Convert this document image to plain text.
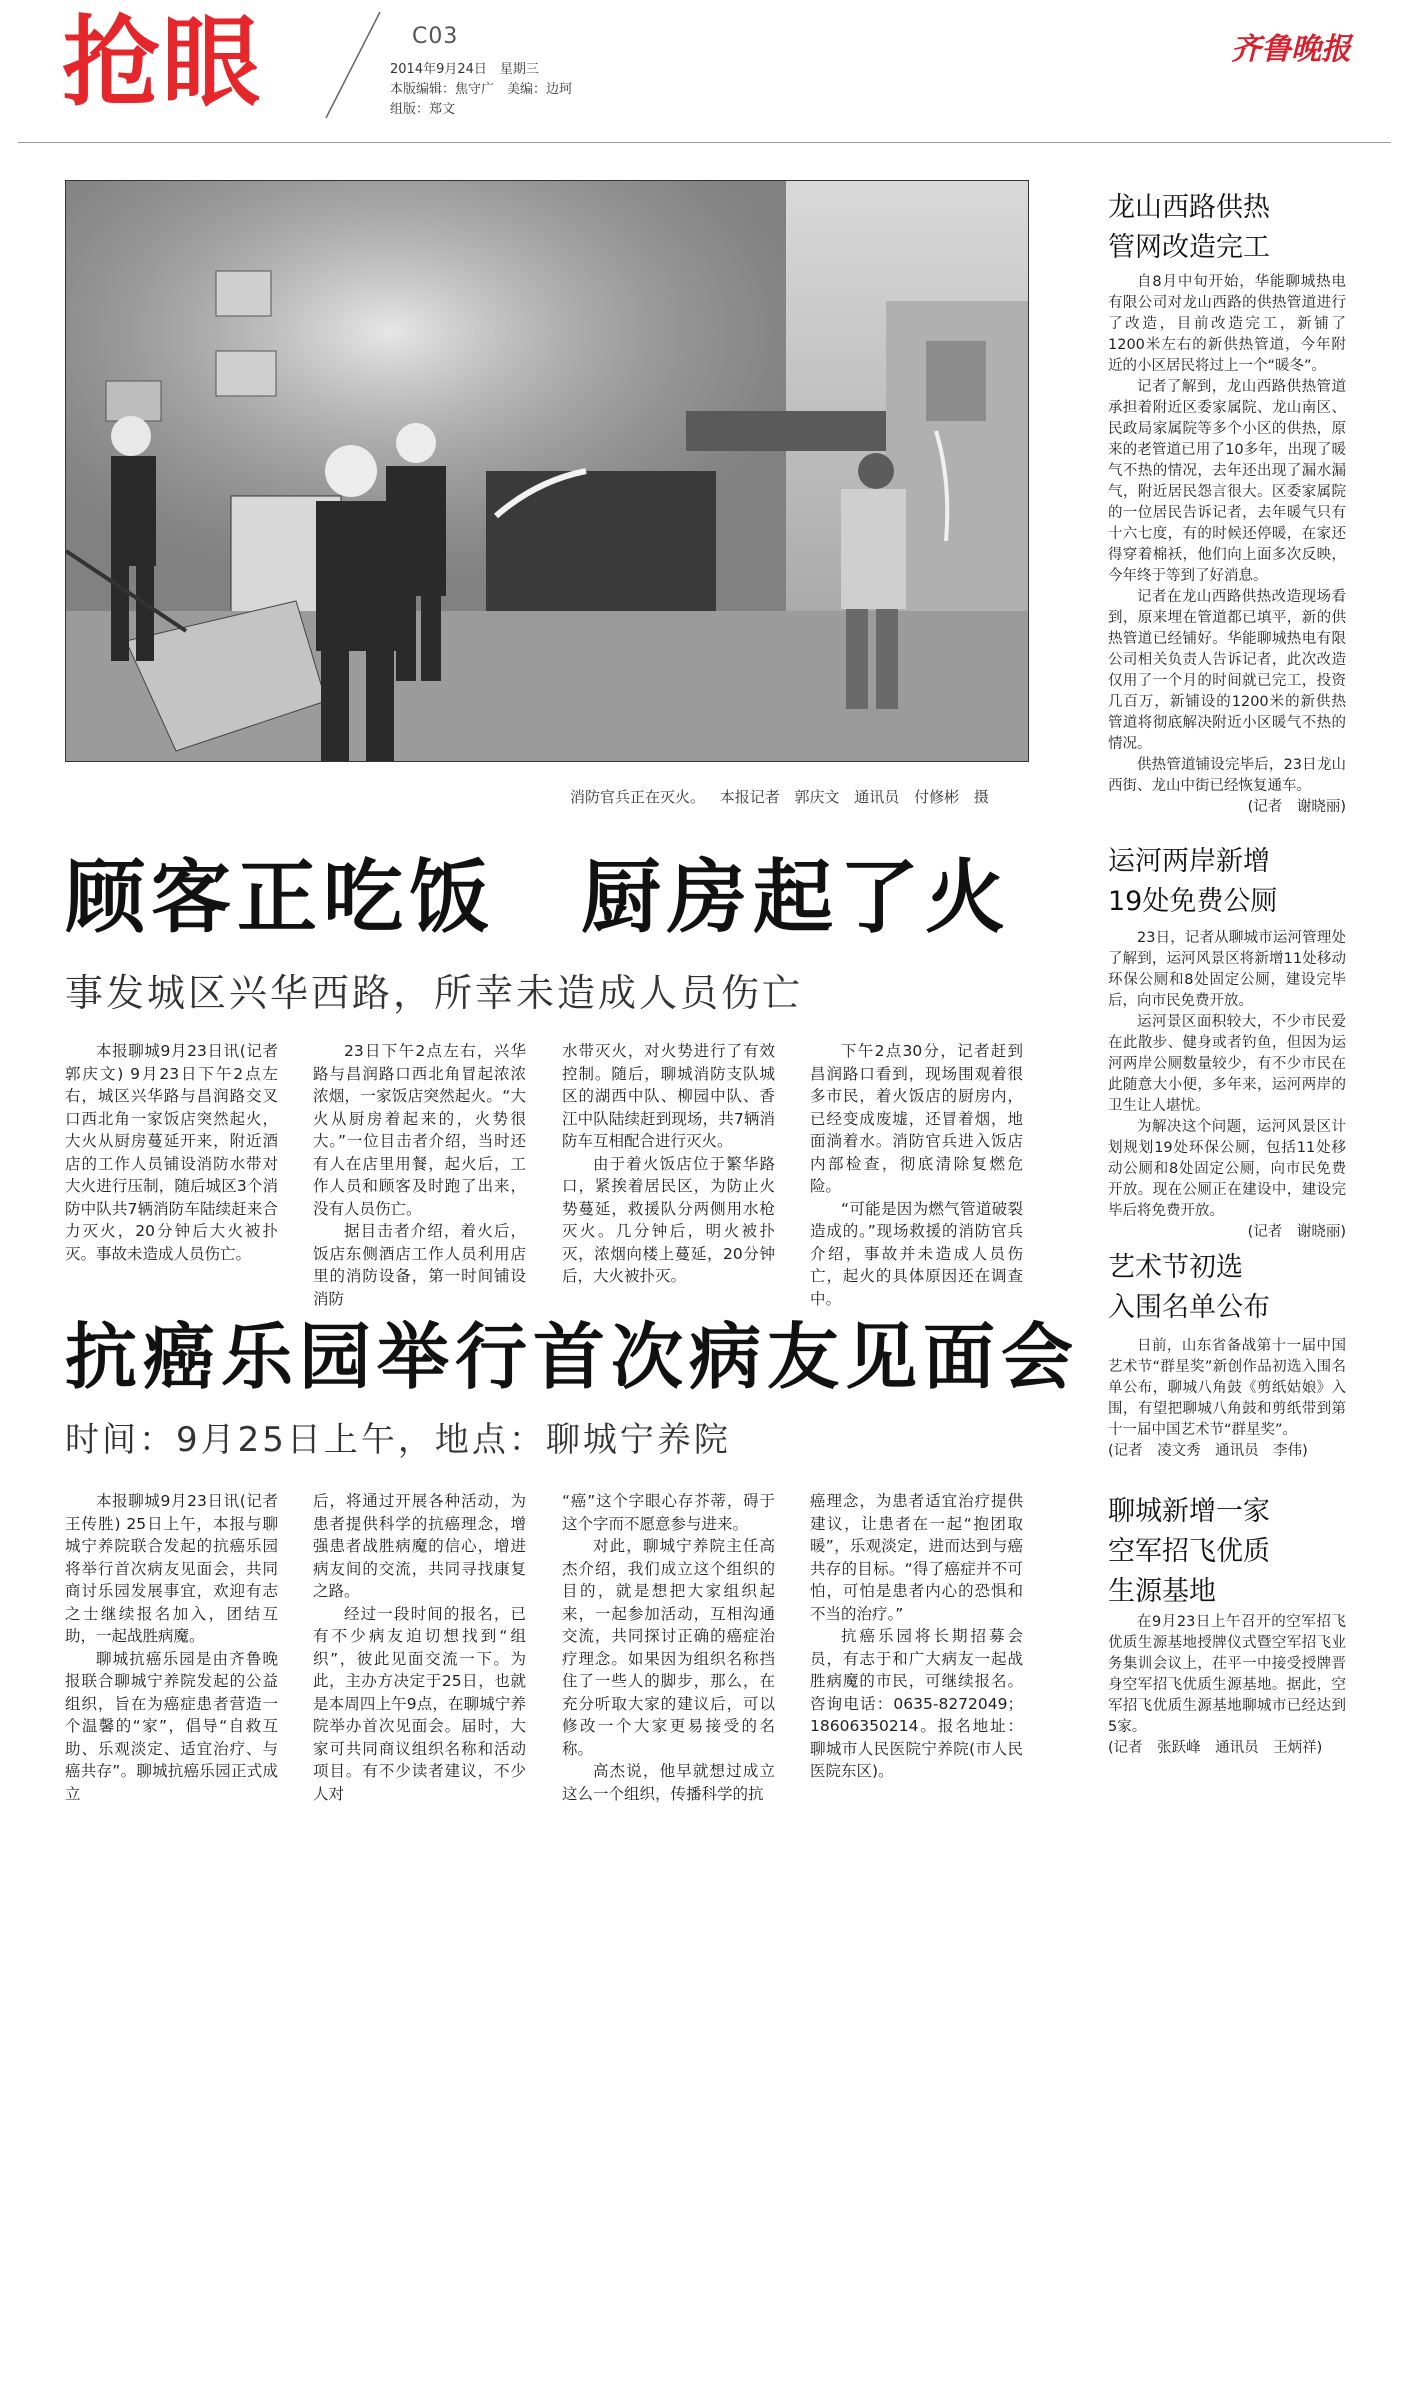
抢眼	C03
2014年9月24日　星期三
本版编辑：焦守广　美编：边珂
组版：郑文
齐鲁晚报
消防官兵正在灭火。 本报记者 郭庆文 通讯员 付修彬 摄
顾客正吃饭　厨房起了火
事发城区兴华西路，所幸未造成人员伤亡

本报聊城9月23日讯(记者 郭庆文) 9月23日下午2点左右，城区兴华路与昌润路交叉口西北角一家饭店突然起火，大火从厨房蔓延开来，附近酒店的工作人员铺设消防水带对大火进行压制，随后城区3个消防中队共7辆消防车陆续赶来合力灭火，20分钟后大火被扑灭。事故未造成人员伤亡。

23日下午2点左右，兴华路与昌润路口西北角冒起浓浓浓烟，一家饭店突然起火。“大火从厨房着起来的，火势很大。”一位目击者介绍，当时还有人在店里用餐，起火后，工作人员和顾客及时跑了出来，没有人员伤亡。

据目击者介绍，着火后，饭店东侧酒店工作人员利用店里的消防设备，第一时间铺设消防

水带灭火，对火势进行了有效控制。随后，聊城消防支队城区的湖西中队、柳园中队、香江中队陆续赶到现场，共7辆消防车互相配合进行灭火。

由于着火饭店位于繁华路口，紧挨着居民区，为防止火势蔓延，救援队分两侧用水枪灭火。几分钟后，明火被扑灭，浓烟向楼上蔓延，20分钟后，大火被扑灭。

下午2点30分，记者赶到昌润路口看到，现场围观着很多市民，着火饭店的厨房内，已经变成废墟，还冒着烟，地面淌着水。消防官兵进入饭店内部检查，彻底清除复燃危险。

“可能是因为燃气管道破裂造成的。”现场救援的消防官兵介绍，事故并未造成人员伤亡，起火的具体原因还在调查中。

抗癌乐园举行首次病友见面会
时间：9月25日上午，地点：聊城宁养院

本报聊城9月23日讯(记者 王传胜) 25日上午，本报与聊城宁养院联合发起的抗癌乐园将举行首次病友见面会，共同商讨乐园发展事宜，欢迎有志之士继续报名加入，团结互助，一起战胜病魔。

聊城抗癌乐园是由齐鲁晚报联合聊城宁养院发起的公益组织，旨在为癌症患者营造一个温馨的“家”，倡导“自救互助、乐观淡定、适宜治疗、与癌共存”。聊城抗癌乐园正式成立

后，将通过开展各种活动，为患者提供科学的抗癌理念，增强患者战胜病魔的信心，增进病友间的交流，共同寻找康复之路。

经过一段时间的报名，已有不少病友迫切想找到“组织”，彼此见面交流一下。为此，主办方决定于25日，也就是本周四上午9点，在聊城宁养院举办首次见面会。届时，大家可共同商议组织名称和活动项目。有不少读者建议，不少人对

“癌”这个字眼心存芥蒂，碍于这个字而不愿意参与进来。

对此，聊城宁养院主任高杰介绍，我们成立这个组织的目的，就是想把大家组织起来，一起参加活动，互相沟通交流，共同探讨正确的癌症治疗理念。如果因为组织名称挡住了一些人的脚步，那么，在充分听取大家的建议后，可以修改一个大家更易接受的名称。

高杰说，他早就想过成立这么一个组织，传播科学的抗

癌理念，为患者适宜治疗提供建议，让患者在一起“抱团取暖”，乐观淡定，进而达到与癌共存的目标。“得了癌症并不可怕，可怕是患者内心的恐惧和不当的治疗。”

抗癌乐园将长期招募会员，有志于和广大病友一起战胜病魔的市民，可继续报名。咨询电话：0635-8272049；18606350214。报名地址：聊城市人民医院宁养院(市人民医院东区)。

龙山西路供热
管网改造完工

自8月中旬开始，华能聊城热电有限公司对龙山西路的供热管道进行了改造，目前改造完工，新铺了1200米左右的新供热管道，今年附近的小区居民将过上一个“暖冬”。

记者了解到，龙山西路供热管道承担着附近区委家属院、龙山南区、民政局家属院等多个小区的供热，原来的老管道已用了10多年，出现了暖气不热的情况，去年还出现了漏水漏气，附近居民怨言很大。区委家属院的一位居民告诉记者，去年暖气只有十六七度，有的时候还停暖，在家还得穿着棉袄，他们向上面多次反映，今年终于等到了好消息。

记者在龙山西路供热改造现场看到，原来埋在管道都已填平，新的供热管道已经铺好。华能聊城热电有限公司相关负责人告诉记者，此次改造仅用了一个月的时间就已完工，投资几百万，新铺设的1200米的新供热管道将彻底解决附近小区暖气不热的情况。

供热管道铺设完毕后，23日龙山西街、龙山中街已经恢复通车。

(记者　谢晓丽)
运河两岸新增
19处免费公厕

23日，记者从聊城市运河管理处了解到，运河风景区将新增11处移动环保公厕和8处固定公厕，建设完毕后，向市民免费开放。

运河景区面积较大，不少市民爱在此散步、健身或者钓鱼，但因为运河两岸公厕数量较少，有不少市民在此随意大小便，多年来，运河两岸的卫生让人堪忧。

为解决这个问题，运河风景区计划规划19处环保公厕，包括11处移动公厕和8处固定公厕，向市民免费开放。现在公厕正在建设中，建设完毕后将免费开放。

(记者　谢晓丽)
艺术节初选
入围名单公布

日前，山东省备战第十一届中国艺术节“群星奖”新创作品初选入围名单公布，聊城八角鼓《剪纸姑娘》入围，有望把聊城八角鼓和剪纸带到第十一届中国艺术节“群星奖”。

(记者　凌文秀　通讯员　李伟)
聊城新增一家
空军招飞优质
生源基地

在9月23日上午召开的空军招飞优质生源基地授牌仪式暨空军招飞业务集训会议上，茌平一中接受授牌晋身空军招飞优质生源基地。据此，空军招飞优质生源基地聊城市已经达到5家。

(记者　张跃峰　通讯员　王炳祥)
